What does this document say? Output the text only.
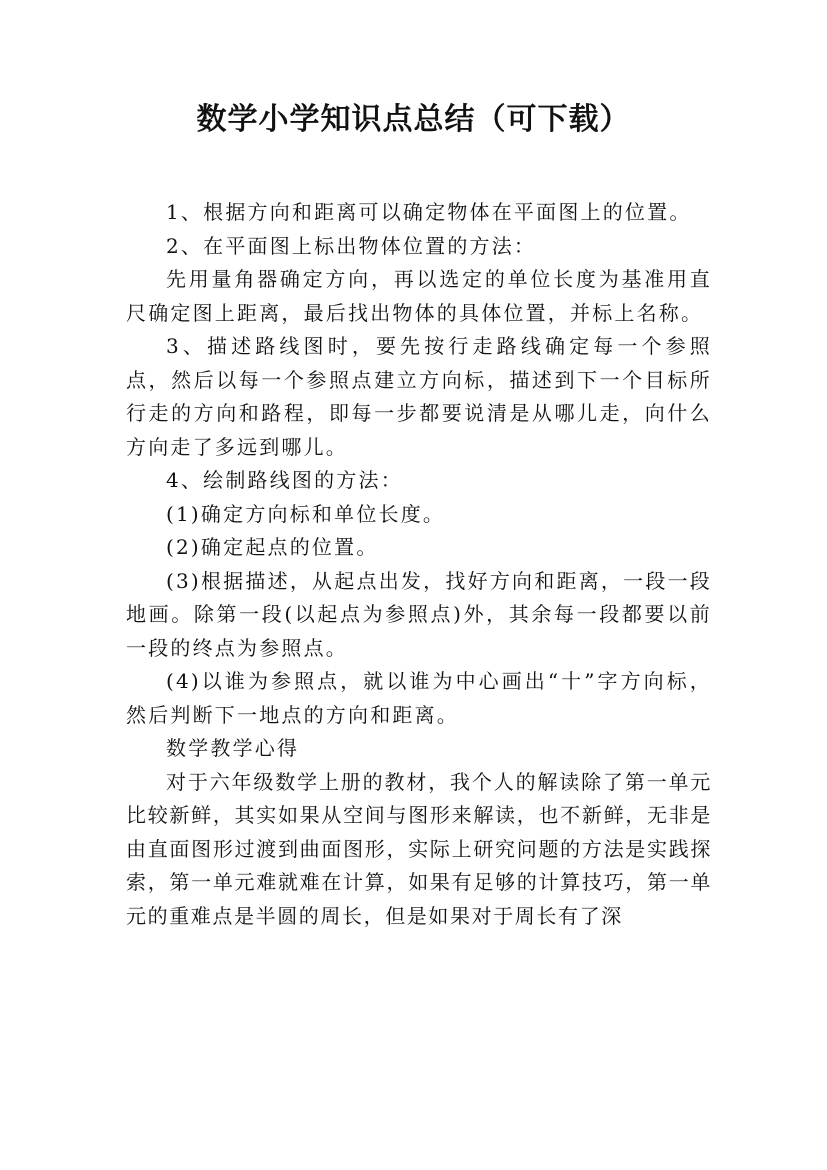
数学小学知识点总结（可下载）

1、根据方向和距离可以确定物体在平面图上的位置。

2、在平面图上标出物体位置的方法：

先用量角器确定方向，再以选定的单位长度为基准用直尺确定图上距离，最后找出物体的具体位置，并标上名称。

3、描述路线图时，要先按行走路线确定每一个参照点，然后以每一个参照点建立方向标，描述到下一个目标所行走的方向和路程，即每一步都要说清是从哪儿走，向什么方向走了多远到哪儿。

4、绘制路线图的方法：

(1)确定方向标和单位长度。

(2)确定起点的位置。

(3)根据描述，从起点出发，找好方向和距离，一段一段地画。除第一段(以起点为参照点)外，其余每一段都要以前一段的终点为参照点。

(4)以谁为参照点，就以谁为中心画出“十”字方向标，然后判断下一地点的方向和距离。

数学教学心得

对于六年级数学上册的教材，我个人的解读除了第一单元比较新鲜，其实如果从空间与图形来解读，也不新鲜，无非是由直面图形过渡到曲面图形，实际上研究问题的方法是实践探索，第一单元难就难在计算，如果有足够的计算技巧，第一单元的重难点是半圆的周长，但是如果对于周长有了深
